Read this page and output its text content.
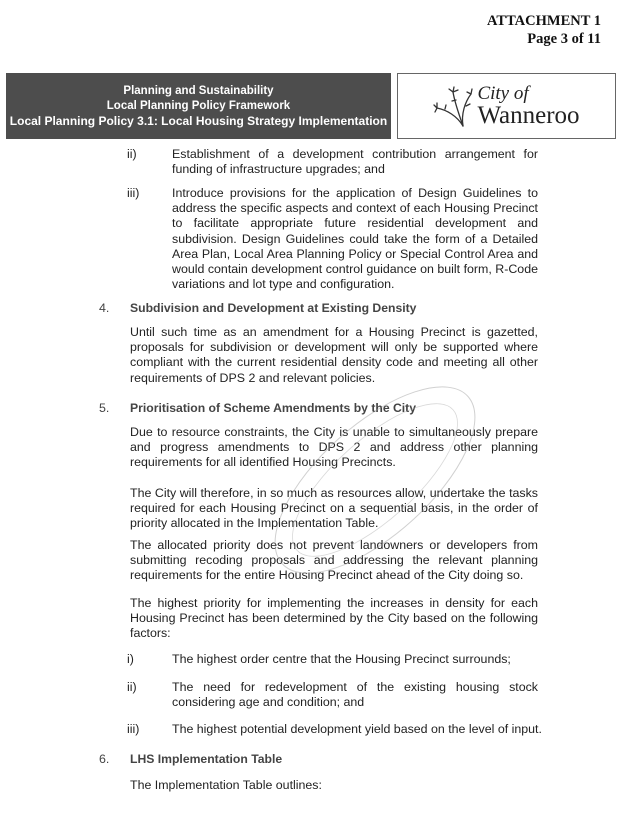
ATTACHMENT 1
Page 3 of 11
Planning and Sustainability
Local Planning Policy Framework
Local Planning Policy 3.1: Local Housing Strategy Implementation
City of
Wanneroo
ii)	Establishment of a development contribution arrangement for funding of infrastructure upgrades; and
iii)	Introduce provisions for the application of Design Guidelines to address the specific aspects and context of each Housing Precinct to facilitate appropriate future residential development and subdivision. Design Guidelines could take the form of a Detailed Area Plan, Local Area Planning Policy or Special Control Area and would contain development control guidance on built form, R-Code variations and lot type and configuration.
4. Subdivision and Development at Existing Density
Until such time as an amendment for a Housing Precinct is gazetted, proposals for subdivision or development will only be supported where compliant with the current residential density code and meeting all other requirements of DPS 2 and relevant policies.
5. Prioritisation of Scheme Amendments by the City
Due to resource constraints, the City is unable to simultaneously prepare and progress amendments to DPS 2 and address other planning requirements for all identified Housing Precincts.
The City will therefore, in so much as resources allow, undertake the tasks required for each Housing Precinct on a sequential basis, in the order of priority allocated in the Implementation Table.
The allocated priority does not prevent landowners or developers from submitting recoding proposals and addressing the relevant planning requirements for the entire Housing Precinct ahead of the City doing so.
The highest priority for implementing the increases in density for each Housing Precinct has been determined by the City based on the following factors:
i)	The highest order centre that the Housing Precinct surrounds;
ii)	The need for redevelopment of the existing housing stock considering age and condition; and
iii)	The highest potential development yield based on the level of input.
6. LHS Implementation Table
The Implementation Table outlines:
